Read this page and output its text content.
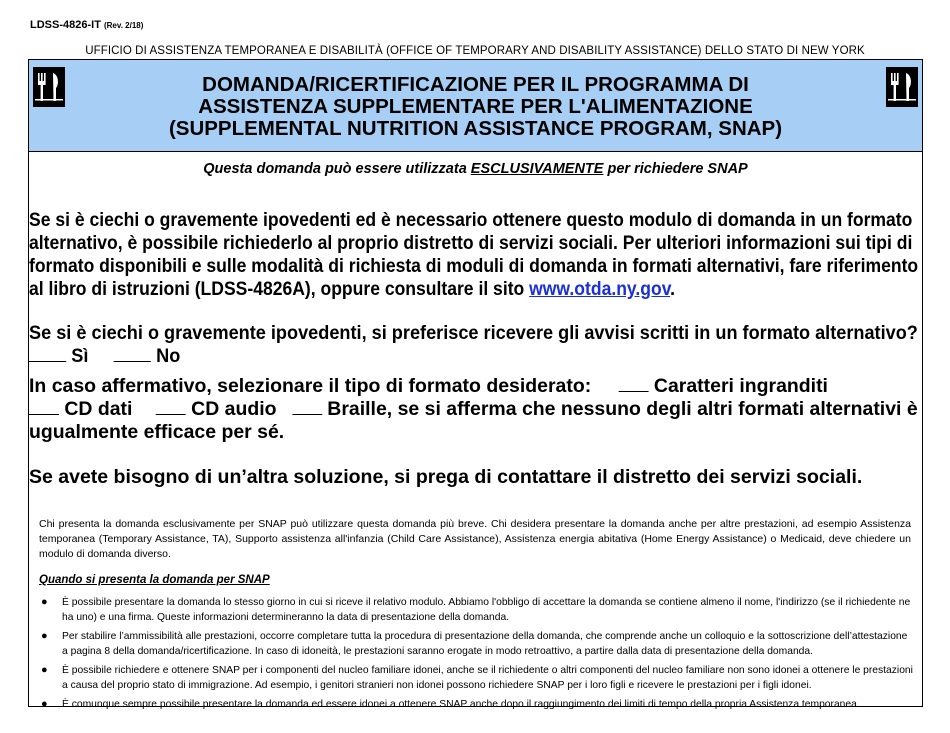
LDSS-4826-IT (Rev. 2/18)
UFFICIO DI ASSISTENZA TEMPORANEA E DISABILITÀ (OFFICE OF TEMPORARY AND DISABILITY ASSISTANCE) DELLO STATO DI NEW YORK
DOMANDA/RICERTIFICAZIONE PER IL PROGRAMMA DI
ASSISTENZA SUPPLEMENTARE PER L'ALIMENTAZIONE
(SUPPLEMENTAL NUTRITION ASSISTANCE PROGRAM, SNAP)
Questa domanda può essere utilizzata ESCLUSIVAMENTE per richiedere SNAP
Se si è ciechi o gravemente ipovedenti ed è necessario ottenere questo modulo di domanda in un formato
alternativo, è possibile richiederlo al proprio distretto di servizi sociali. Per ulteriori informazioni sui tipi di
formato disponibili e sulle modalità di richiesta di moduli di domanda in formati alternativi, fare riferimento
al libro di istruzioni (LDSS-4826A), oppure consultare il sito www.otda.ny.gov.
Se si è ciechi o gravemente ipovedenti, si preferisce ricevere gli avvisi scritti in un formato alternativo?
Sì	No
In caso affermativo, selezionare il tipo di formato desiderato:	Caratteri ingranditi
CD dati	CD audio	Braille, se si afferma che nessuno degli altri formati alternativi è
ugualmente efficace per sé.
Se avete bisogno di un’altra soluzione, si prega di contattare il distretto dei servizi sociali.
Chi presenta la domanda esclusivamente per SNAP può utilizzare questa domanda più breve. Chi desidera presentare la domanda anche per altre prestazioni, ad esempio Assistenza temporanea (Temporary Assistance, TA), Supporto assistenza all'infanzia (Child Care Assistance), Assistenza energia abitativa (Home Energy Assistance) o Medicaid, deve chiedere un modulo di domanda diverso.
Quando si presenta la domanda per SNAP
● È possibile presentare la domanda lo stesso giorno in cui si riceve il relativo modulo. Abbiamo l'obbligo di accettare la domanda se contiene almeno il nome, l'indirizzo (se il richiedente ne ha uno) e una firma. Queste informazioni determineranno la data di presentazione della domanda.
● Per stabilire l’ammissibilità alle prestazioni, occorre completare tutta la procedura di presentazione della domanda, che comprende anche un colloquio e la sottoscrizione dell’attestazione a pagina 8 della domanda/ricertificazione. In caso di idoneità, le prestazioni saranno erogate in modo retroattivo, a partire dalla data di presentazione della domanda.
● È possibile richiedere e ottenere SNAP per i componenti del nucleo familiare idonei, anche se il richiedente o altri componenti del nucleo familiare non sono idonei a ottenere le prestazioni a causa del proprio stato di immigrazione. Ad esempio, i genitori stranieri non idonei possono richiedere SNAP per i loro figli e ricevere le prestazioni per i figli idonei.
● È comunque sempre possibile presentare la domanda ed essere idonei a ottenere SNAP anche dopo il raggiungimento dei limiti di tempo della propria Assistenza temporanea.
